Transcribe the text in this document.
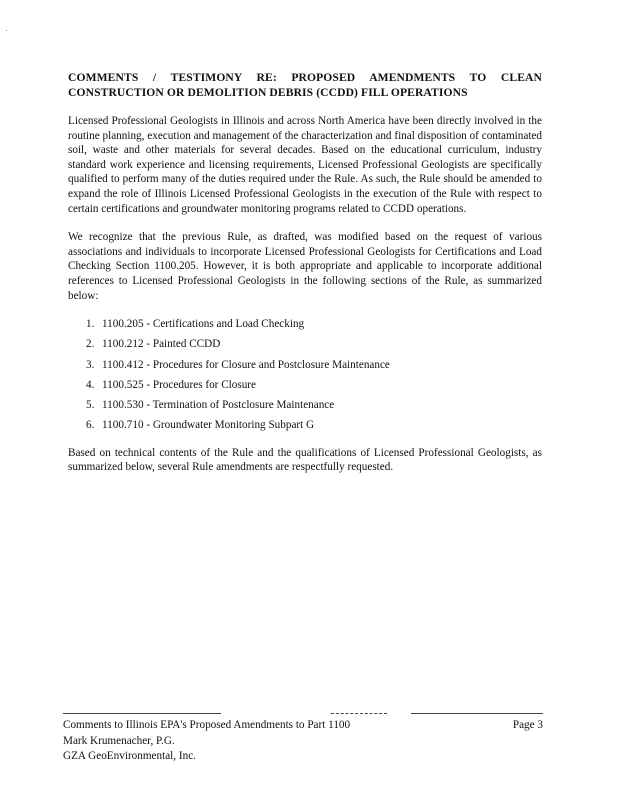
COMMENTS / TESTIMONY RE: PROPOSED AMENDMENTS TO CLEAN CONSTRUCTION OR DEMOLITION DEBRIS (CCDD) FILL OPERATIONS

Licensed Professional Geologists in Illinois and across North America have been directly involved in the routine planning, execution and management of the characterization and final disposition of contaminated soil, waste and other materials for several decades. Based on the educational curriculum, industry standard work experience and licensing requirements, Licensed Professional Geologists are specifically qualified to perform many of the duties required under the Rule. As such, the Rule should be amended to expand the role of Illinois Licensed Professional Geologists in the execution of the Rule with respect to certain certifications and groundwater monitoring programs related to CCDD operations.

We recognize that the previous Rule, as drafted, was modified based on the request of various associations and individuals to incorporate Licensed Professional Geologists for Certifications and Load Checking Section 1100.205. However, it is both appropriate and applicable to incorporate additional references to Licensed Professional Geologists in the following sections of the Rule, as summarized below:

1. 1100.205 - Certifications and Load Checking
2. 1100.212 - Painted CCDD
3. 1100.412 - Procedures for Closure and Postclosure Maintenance
4. 1100.525 - Procedures for Closure
5. 1100.530 - Termination of Postclosure Maintenance
6. 1100.710 - Groundwater Monitoring Subpart G

Based on technical contents of the Rule and the qualifications of Licensed Professional Geologists, as summarized below, several Rule amendments are respectfully requested.

Comments to Illinois EPA's Proposed Amendments to Part 1100	Page 3
Mark Krumenacher, P.G.
GZA GeoEnvironmental, Inc.
